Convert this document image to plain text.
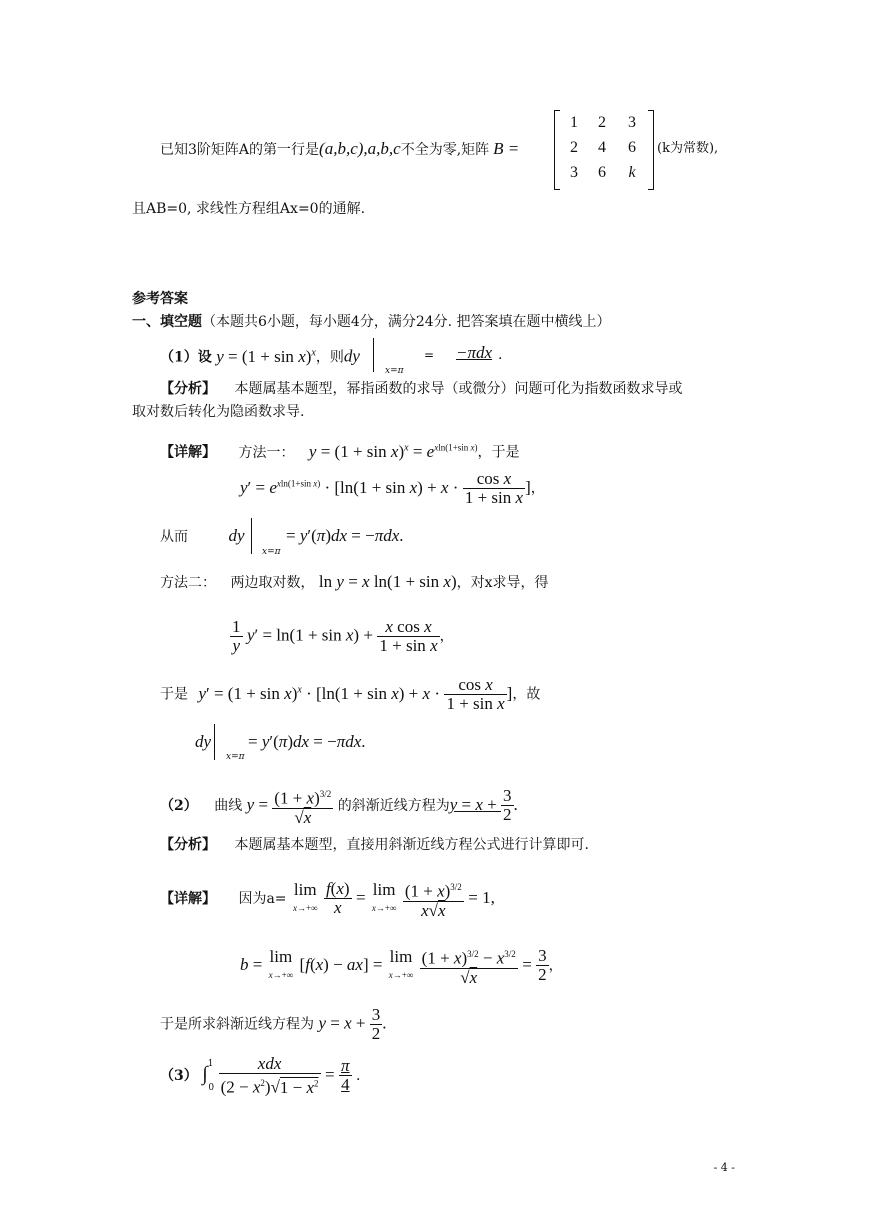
已知3阶矩阵A的第一行是(a,b,c),a,b,c不全为零,矩阵 B =
1	2	3
2	4	6
3	6	k
(k为常数),
且AB=0, 求线性方程组Ax=0的通解.
参考答案
一、填空题（本题共6小题，每小题4分，满分24分. 把答案填在题中横线上）
（1）设 $y = (1 + \sin x)^x$，则dy
x=π
=	−πdx .
【分析】 本题属基本题型，幂指函数的求导（或微分）问题可化为指数函数求导或
取对数后转化为隐函数求导.
【详解】 方法一： $y = (1 + \sin x)^x = e^{xln(1+sin x)}$，于是
$y' = e^{xln(1+sin x)} \cdot [\ln(1 + \sin x) + x \cdot \frac{\text{cos x}}{\text{1 + sin x}}$ ]，
从而 dy
x=π
= y′(π)dx = −πdx.
方法二： 两边取对数， ln y = x ln(1 + sin x)，对x求导，得
$\frac{1}{y} y' = \ln(1 + \sin x) + \frac{\text{x cos x}}{\text{1 + sin x}}$ ，
于是 $y' = (1 + \sin x)^x \cdot [\ln(1 + \sin x) + x \cdot \frac{\text{cos x}}{\text{1 + sin x}}$ ]，故
dy
x=π
= y′(π)dx = −πdx.
（2） 曲线 $y = \frac{(1 + x)^{3/2}}{√x}$ 的斜渐近线方程为$y = x + \frac{3}{2}$ .
【分析】 本题属基本题型，直接用斜渐近线方程公式进行计算即可.
【详解】 因为a= lim
x→+∞
$\frac{f(x)}{x} = \lim$
x→+∞
$\frac{(1 + x)^{3/2}}{x√x} = 1$,
b = lim
x→+∞
[f(x) − ax] = lim
x→+∞
$\frac{(1 + x)^{3/2} - x^{3/2}}{√x} = \frac{3}{2}$ ，
于是所求斜渐近线方程为 $y = x + \frac{3}{2}$ .
（3） $\int^10 \frac{\text{xdx}}{(2 - x^2)√1 - x^2} = \frac{\pi}{4}$ .
- 4 -
